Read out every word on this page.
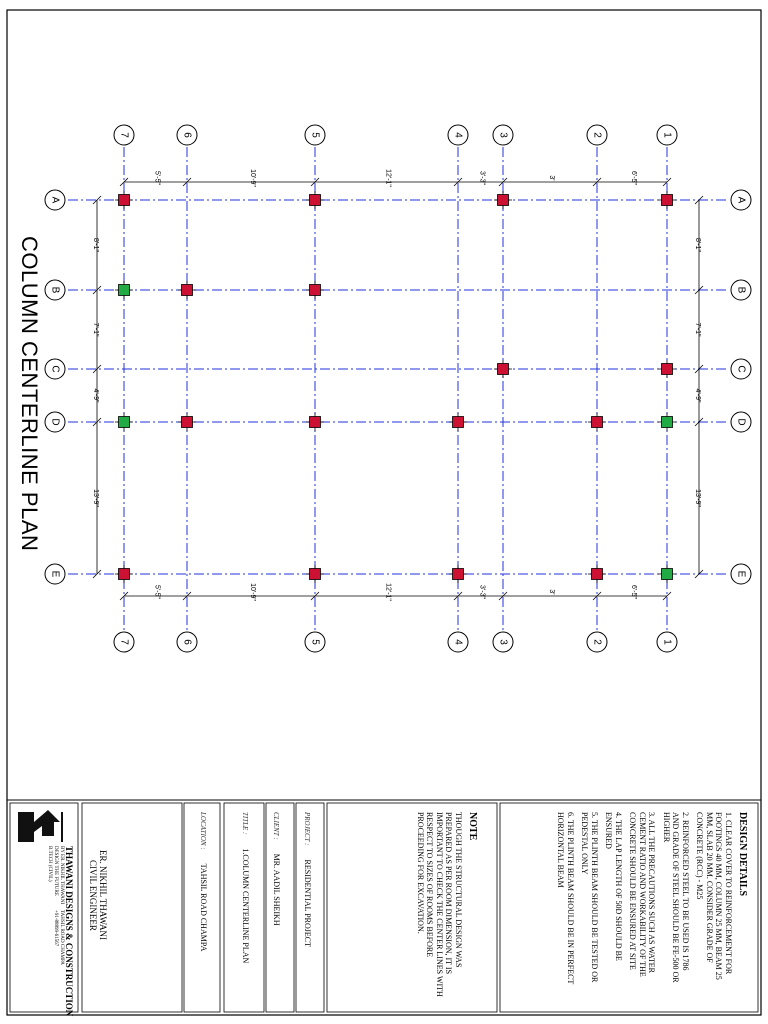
7
7
6
6
5
5
4
4
3
3
2
2
1
1
A	A
B	B
C	C
D	D
E	E
5'-5"	10'-9"	12'-1"	3'-3"	3'	6'-5"
5'-5"	10'-9"	12'-1"	3'-3"	3'	6'-5"
8'-1"
7'-1"
4'-9"
13'-9"
8'-1"
7'-1"
4'-9"
13'-9"
COLUMN CENTERLINE PLAN
DESIGN DETAILS
1. CLEAR COVER TO REINFORCEMENT FOR
FOOTINGS 40 MM, COLUMN 25 MM, BEAM 25
MM, SLAB 20 MM. CONSIDER GRADE OF
CONCRETE (RCC) - M25
2. REINFORCED STEEL TO BE USED IS 1786
AND GRADE OF STEEL SHOULD BE FE-500 OR
HIGHER
3. ALL THE PRECAUTIONS SUCH AS WATER
CEMENT RATIO AND WORKABILITY OF THE
CONCRETE SHOULD BE ENSURED AT SITE
4. THE LAP LENGTH OF 50D SHOULD BE
ENSURED
5. THE PLINTH BEAM SHOULD BE TESTED OR
PEDESTAL ONLY
6. THE PLINTH BEAM SHOULD BE IN PERFECT
HORIZONTAL BEAM
NOTE
THOUGH THE STRUCTURAL DESIGN WAS
PREPARED AS PER ROOM DIMENSION, IT IS
IMPORTANT TO CHECK THE CENTER LINES WITH
RESPECT TO SIZES OF ROOMS BEFORE
PROCEEDING FOR EXCAVATION.
PROJECT : RESIDENTIAL PROJECT
CLIENT : MR. AADIL SHEIKH
TITLE : 1.COLUMN CENTERLINE PLAN
LOCATION : TAHSIL ROAD CHAMPA
ER. NIKHIL THAWANI
CIVIL ENGINEER
THAWANI DESIGNS & CONSTRUCTION
BY ER. NIKHIL THAWANI
DESIGN THE FUTURE
B.TECH (CIVIL)
TAHSIL ROAD CHAMPA
+91-88899-61567
